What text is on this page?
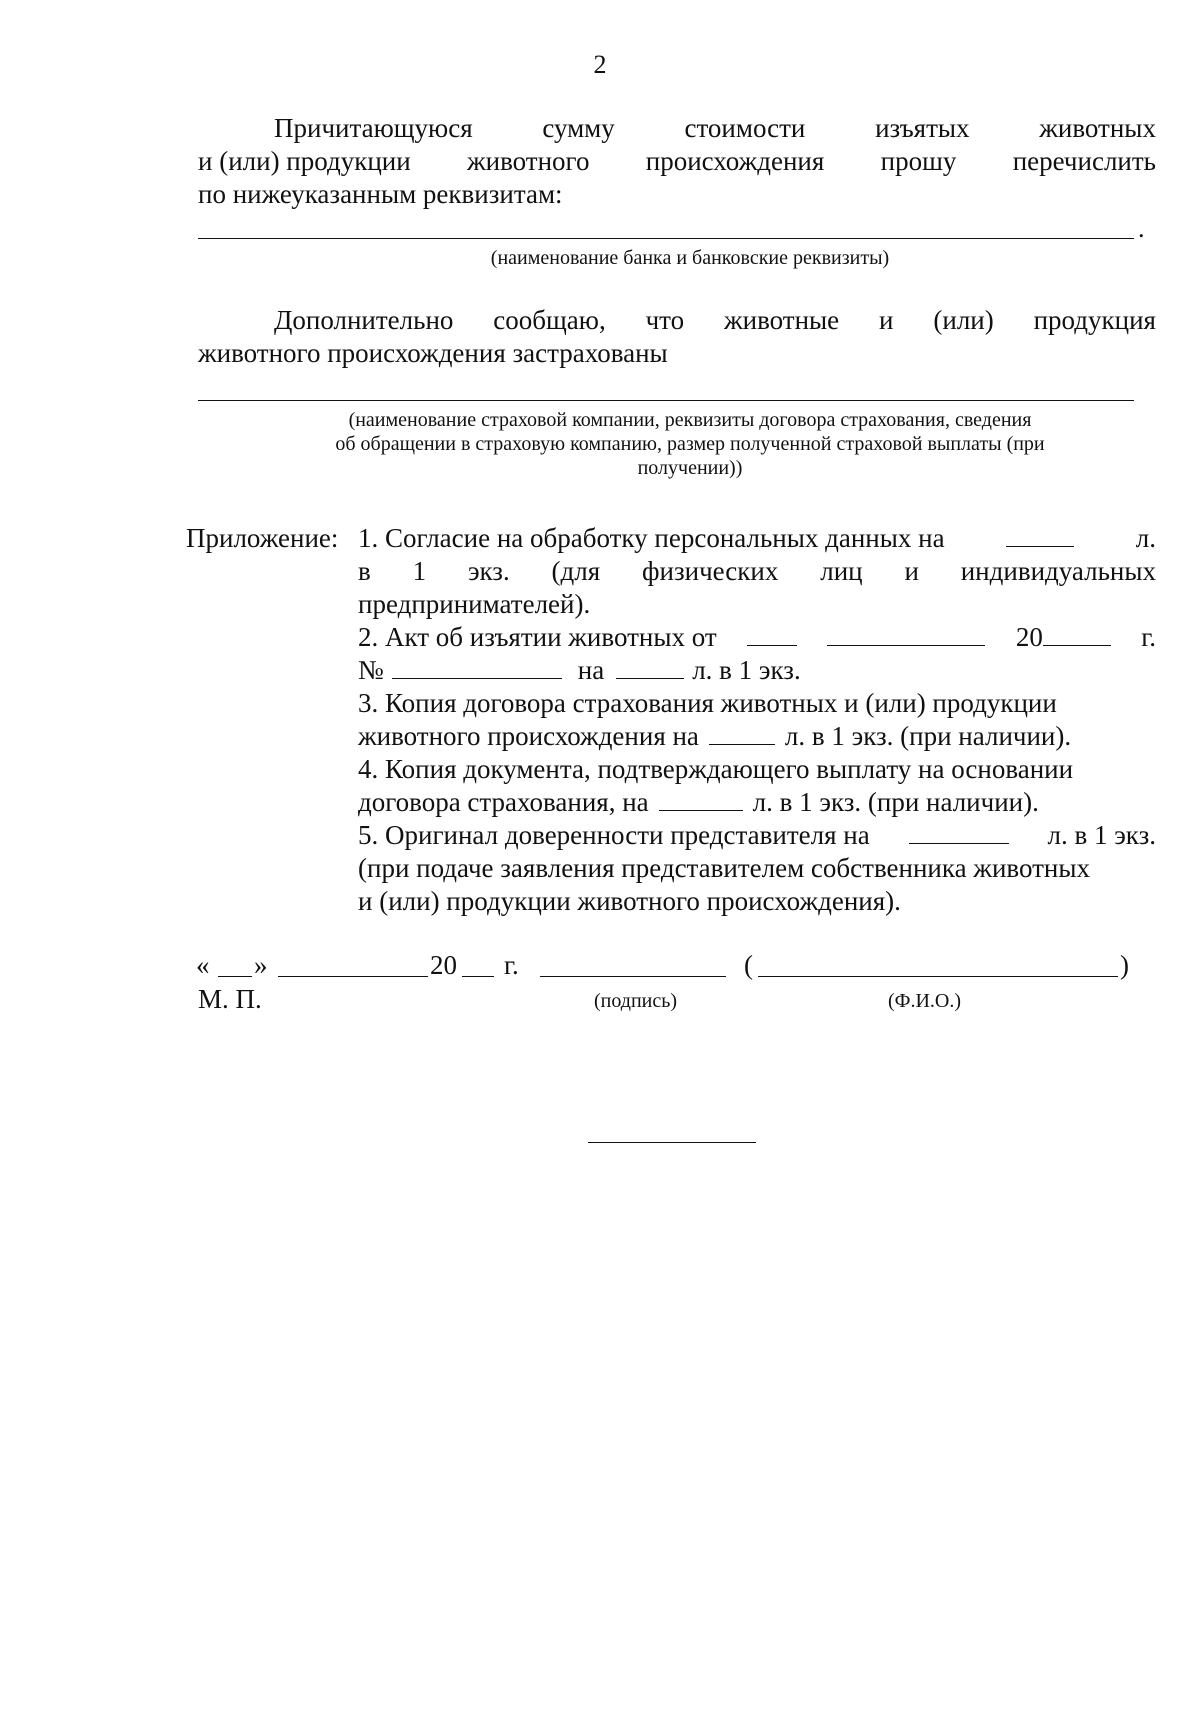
2
Причитающуюся	сумму	стоимости	изъятых	животных
и (или) продукции животного происхождения прошу перечислить
по нижеуказанным реквизитам:
.
(наименование банка и банковские реквизиты)
Дополнительно сообщаю, что животные и (или) продукция
животного происхождения застрахованы
(наименование страховой компании, реквизиты договора страхования, сведения
об обращении в страховую компанию, размер полученной страховой выплаты (при
получении))
Приложение: 1. Согласие на обработку персональных данных на	л.
в 1 экз. (для физических лиц и индивидуальных
предпринимателей).
2. Акт об изъятии животных от	20	г.
№	на	л. в 1 экз.
3. Копия договора страхования животных и (или) продукции
животного происхождения на	л. в 1 экз. (при наличии).
4. Копия документа, подтверждающего выплату на основании
договора страхования, на	л. в 1 экз. (при наличии).
5. Оригинал доверенности представителя на	л. в 1 экз.
(при подаче заявления представителем собственника животных
и (или) продукции животного происхождения).
« »	20 г.	(	)
М. П.	(подпись)	(Ф.И.О.)
